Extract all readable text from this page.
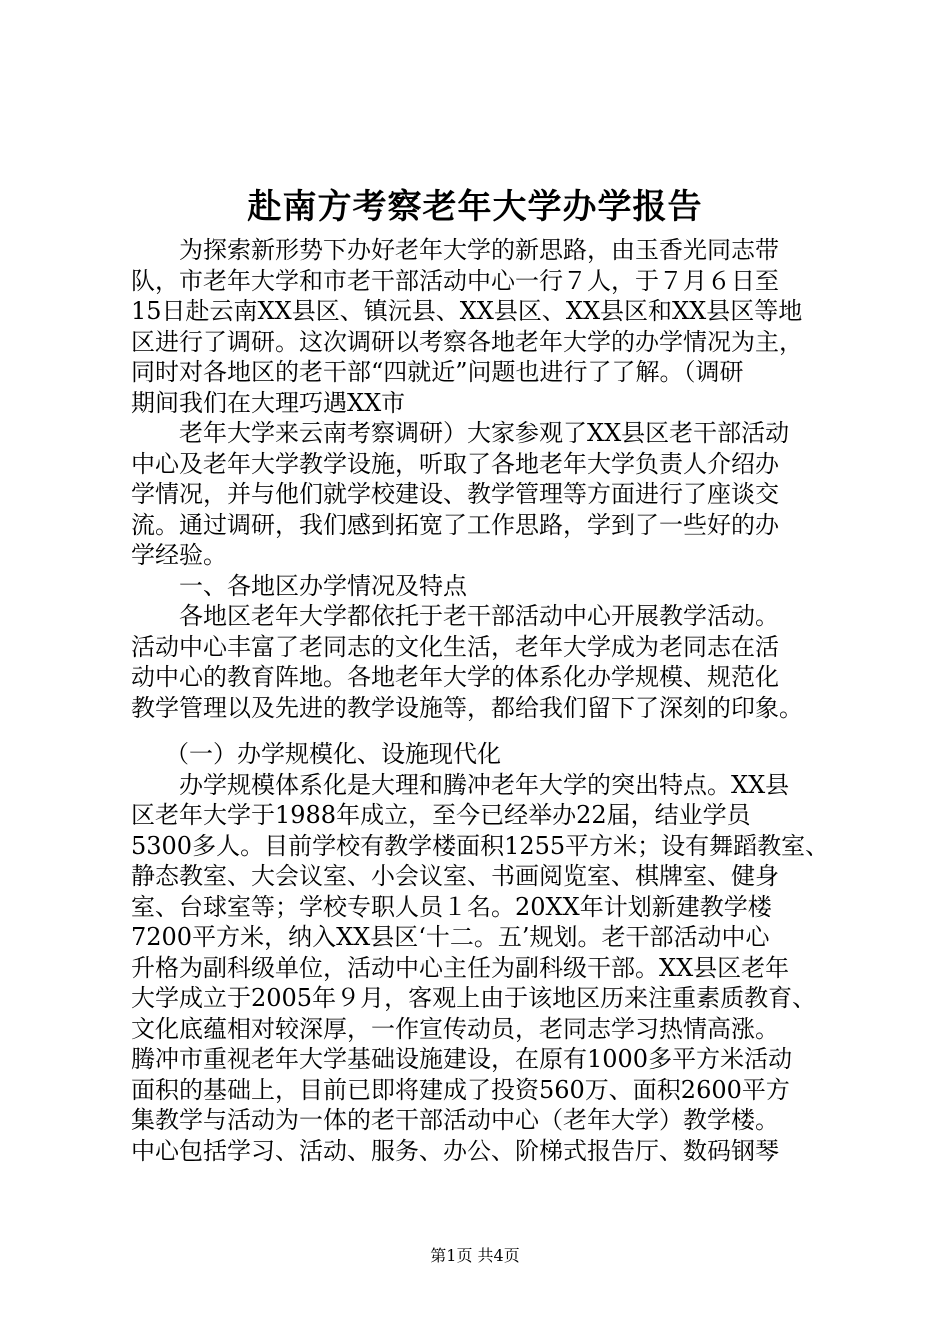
赴南方考察老年大学办学报告
为探索新形势下办好老年大学的新思路，由玉香光同志带
队，市老年大学和市老干部活动中心一行７人，于７月６日至
15日赴云南XX县区、镇沅县、XX县区、XX县区和XX县区等地
区进行了调研。这次调研以考察各地老年大学的办学情况为主，
同时对各地区的老干部“四就近”问题也进行了了解。（调研
期间我们在大理巧遇XX市
老年大学来云南考察调研）大家参观了XX县区老干部活动
中心及老年大学教学设施，听取了各地老年大学负责人介绍办
学情况，并与他们就学校建设、教学管理等方面进行了座谈交
流。通过调研，我们感到拓宽了工作思路，学到了一些好的办
学经验。
一、各地区办学情况及特点
各地区老年大学都依托于老干部活动中心开展教学活动。
活动中心丰富了老同志的文化生活，老年大学成为老同志在活
动中心的教育阵地。各地老年大学的体系化办学规模、规范化
教学管理以及先进的教学设施等，都给我们留下了深刻的印象。
（一）办学规模化、设施现代化
办学规模体系化是大理和腾冲老年大学的突出特点。XX县
区老年大学于1988年成立，至今已经举办22届，结业学员
5300多人。目前学校有教学楼面积1255平方米；设有舞蹈教室、
静态教室、大会议室、小会议室、书画阅览室、棋牌室、健身
室、台球室等；学校专职人员１名。20XX年计划新建教学楼
7200平方米，纳入XX县区‘十二。五’规划。老干部活动中心
升格为副科级单位，活动中心主任为副科级干部。XX县区老年
大学成立于2005年９月，客观上由于该地区历来注重素质教育、
文化底蕴相对较深厚，一作宣传动员，老同志学习热情高涨。
腾冲市重视老年大学基础设施建设，在原有1000多平方米活动
面积的基础上，目前已即将建成了投资560万、面积2600平方
集教学与活动为一体的老干部活动中心（老年大学）教学楼。
中心包括学习、活动、服务、办公、阶梯式报告厅、数码钢琴
第1页 共4页
